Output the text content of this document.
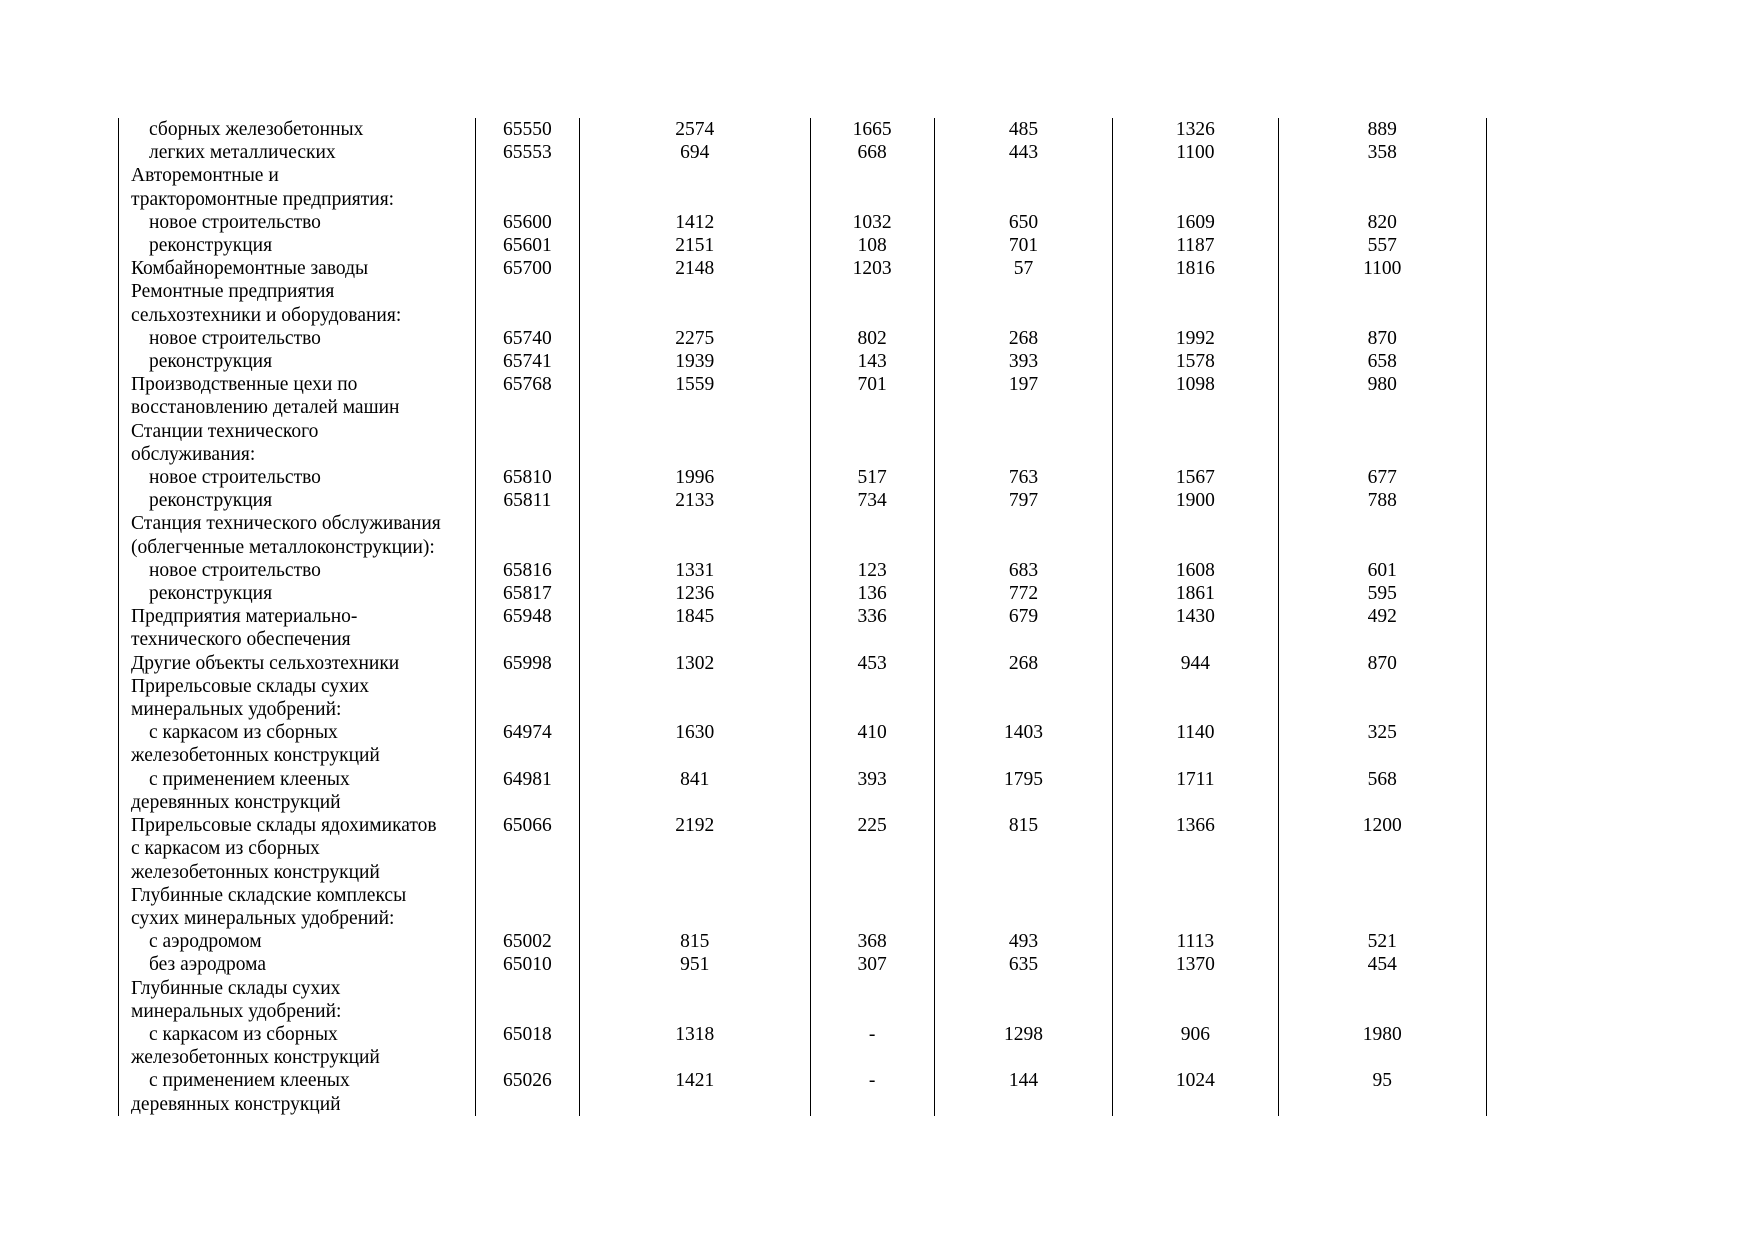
сборных железобетонных	65550	2574	1665	485	1326	889
легких металлических	65553	694	668	443	1100	358
Авторемонтные и						
тракторомонтные предприятия:						
новое строительство	65600	1412	1032	650	1609	820
реконструкция	65601	2151	108	701	1187	557
Комбайноремонтные заводы	65700	2148	1203	57	1816	1100
Ремонтные предприятия						
сельхозтехники и оборудования:						
новое строительство	65740	2275	802	268	1992	870
реконструкция	65741	1939	143	393	1578	658
Производственные цехи по	65768	1559	701	197	1098	980
восстановлению деталей машин						
Станции технического						
обслуживания:						
новое строительство	65810	1996	517	763	1567	677
реконструкция	65811	2133	734	797	1900	788
Станция технического обслуживания						
(облегченные металлоконструкции):						
новое строительство	65816	1331	123	683	1608	601
реконструкция	65817	1236	136	772	1861	595
Предприятия материально-	65948	1845	336	679	1430	492
технического обеспечения						
Другие объекты сельхозтехники	65998	1302	453	268	944	870
Прирельсовые склады сухих						
минеральных удобрений:						
с каркасом из сборных	64974	1630	410	1403	1140	325
железобетонных конструкций						
с применением клееных	64981	841	393	1795	1711	568
деревянных конструкций						
Прирельсовые склады ядохимикатов	65066	2192	225	815	1366	1200
с каркасом из сборных						
железобетонных конструкций						
Глубинные складские комплексы						
сухих минеральных удобрений:						
с аэродромом	65002	815	368	493	1113	521
без аэродрома	65010	951	307	635	1370	454
Глубинные склады сухих						
минеральных удобрений:						
с каркасом из сборных	65018	1318	-	1298	906	1980
железобетонных конструкций						
с применением клееных	65026	1421	-	144	1024	95
деревянных конструкций						
